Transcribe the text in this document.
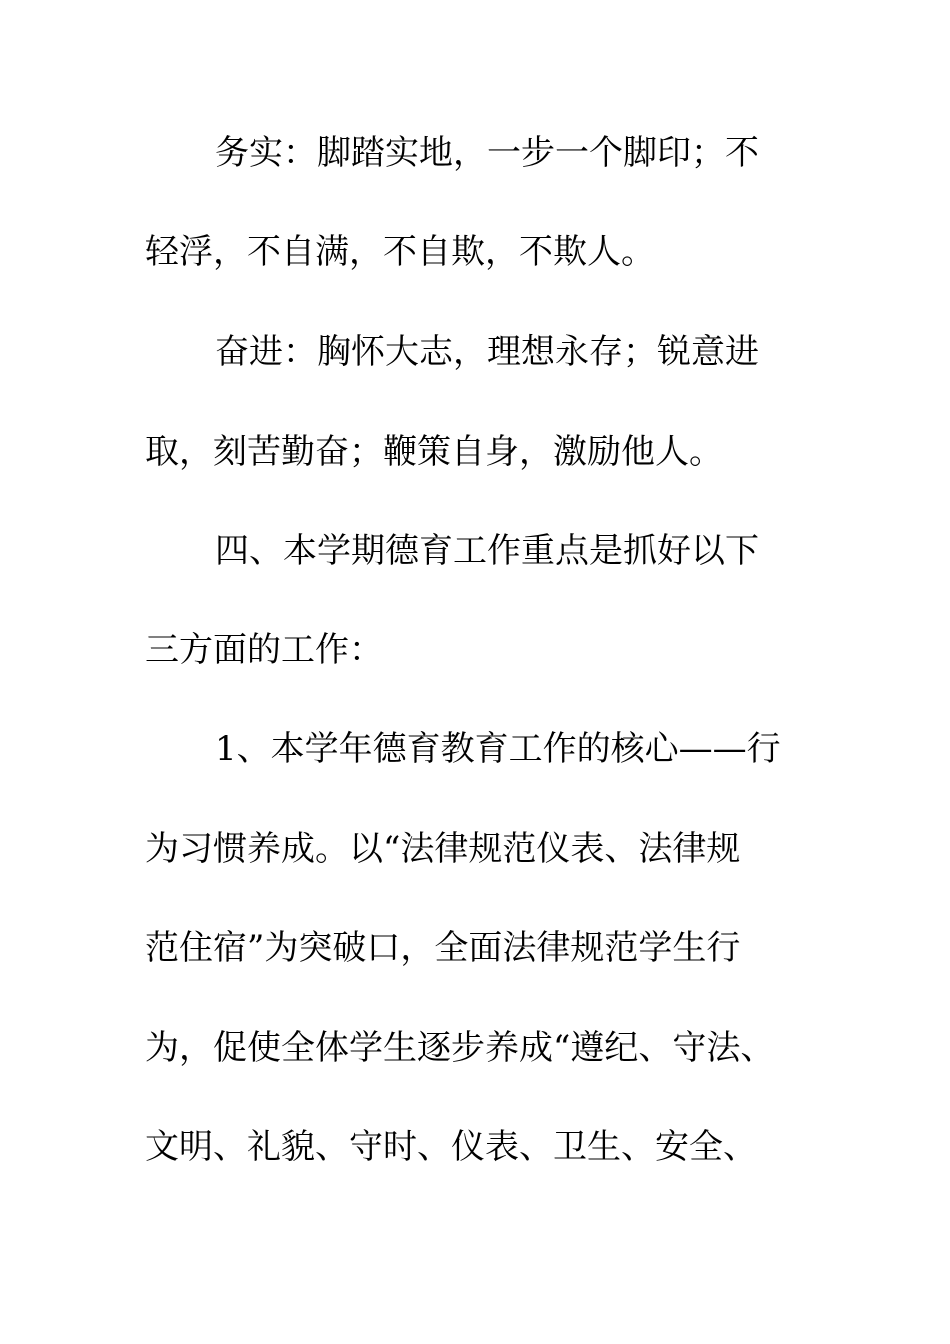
务实：脚踏实地，一步一个脚印；不
轻浮，不自满，不自欺，不欺人。
奋进：胸怀大志，理想永存；锐意进
取，刻苦勤奋；鞭策自身，激励他人。
四、本学期德育工作重点是抓好以下
三方面的工作：
1、本学年德育教育工作的核心——行
为习惯养成。以“法律规范仪表、法律规
范住宿”为突破口，全面法律规范学生行
为，促使全体学生逐步养成“遵纪、守法、
文明、礼貌、守时、仪表、卫生、安全、
